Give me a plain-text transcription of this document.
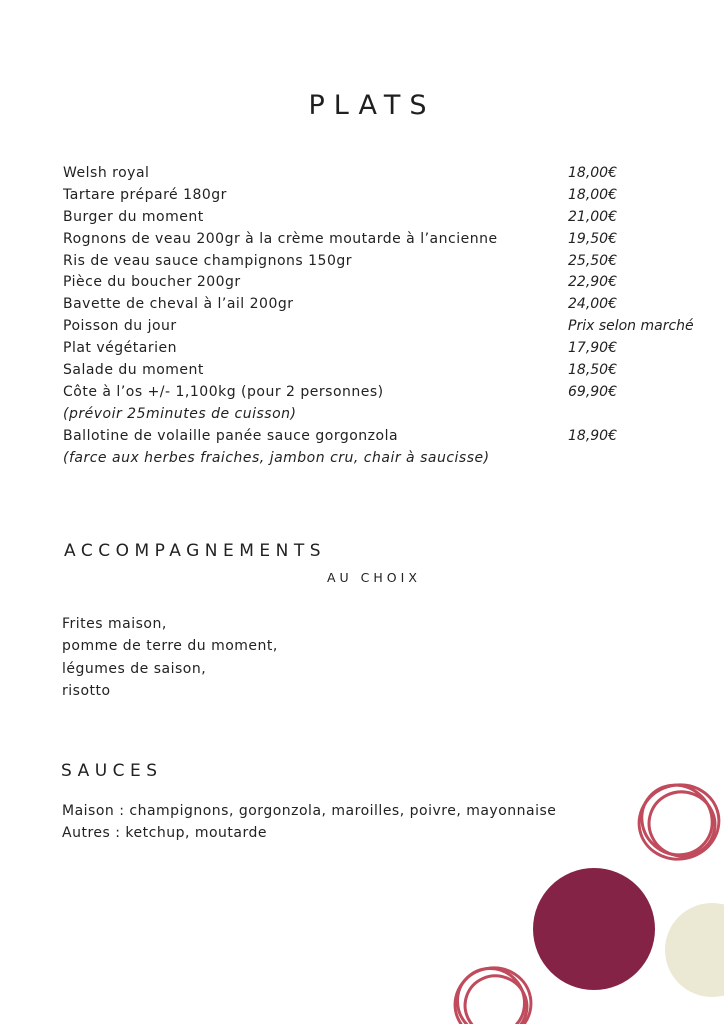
PLATS
Welsh royal	18,00€
Tartare préparé 180gr	18,00€
Burger du moment	21,00€
Rognons de veau 200gr à la crème moutarde à l’ancienne	19,50€
Ris de veau sauce champignons 150gr	25,50€
Pièce du boucher 200gr	22,90€
Bavette de cheval à l’ail 200gr	24,00€
Poisson du jour	Prix selon marché
Plat végétarien	17,90€
Salade du moment	18,50€
Côte à l’os +/- 1,100kg (pour 2 personnes)	69,90€
(prévoir 25minutes de cuisson)
Ballotine de volaille panée sauce gorgonzola	18,90€
(farce aux herbes fraiches, jambon cru, chair à saucisse)
ACCOMPAGNEMENTS
AU CHOIX
Frites maison,
pomme de terre du moment,
légumes de saison,
risotto
SAUCES
Maison : champignons, gorgonzola, maroilles, poivre, mayonnaise
Autres : ketchup, moutarde
